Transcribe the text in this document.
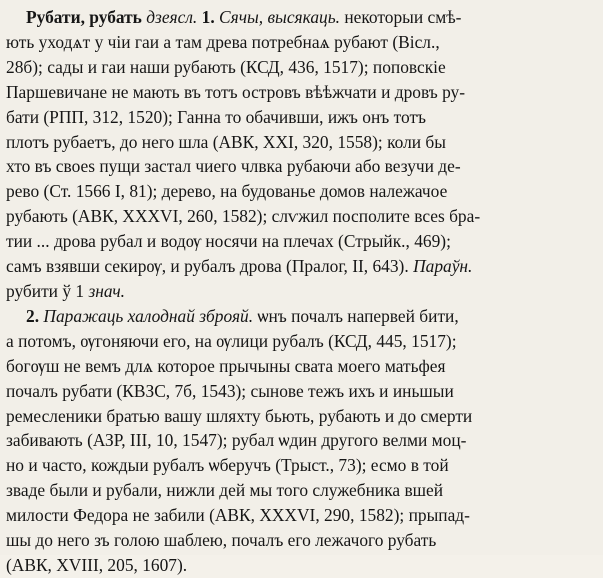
Рубати, рубать дзеясл. 1. Сячы, высякаць. некоторыи смѣ-
ють уходѧт у чіи гаи а там древа потребнаѧ рубают (Вісл.,
28б); сады и гаи наши рубають (КСД, 436, 1517); поповскіе
Паршевичане не мають въ тотъ островъ вѣѣжчати и дровъ ру-
бати (РПП, 312, 1520); Ганна то обачивши, ижъ онъ тотъ
плотъ рубаетъ, до него шла (АВК, XXI, 320, 1558); коли бы
хто въ своеѕ пущи застал чиего члвка рубаючи або везучи де-
рево (Ст. 1566 І, 81); дерево, на будованье домов належачое
рубають (АВК, XXXVI, 260, 1582); слѵжил посполите всеѕ бра-
тии ... дрова рубал и водѹ носячи на плечах (Стрыйк., 469);
самъ взявши секирѹ, и рубалъ дрова (Пралог, II, 643). Параўн.
рубити ў 1 знач.
2. Паражаць халоднай зброяй. ѡнъ почалъ напервей бити,
а потомъ, ѹгоняючи его, на ѹлици рубалъ (КСД, 445, 1517);
богѹш не вемъ длѧ которое прычыны свата моего матьфея
почалъ рубати (КВЗС, 7б, 1543); сынове тежъ ихъ и иньшыи
ремесленики братью вашу шляхту бьють, рубають и до смерти
забивають (АЗР, III, 10, 1547); рубал ѡдин другого велми моц-
но и часто, кождыи рубалъ ѡберучъ (Трыст., 73); есмо в той
зваде были и рубали, нижли дей мы того служебника вшей
милости Федора не забили (АВК, XXXVI, 290, 1582); прыпад-
шы до него зъ голою шаблею, почалъ его лежачого рубать
(АВК, XVIII, 205, 1607).
